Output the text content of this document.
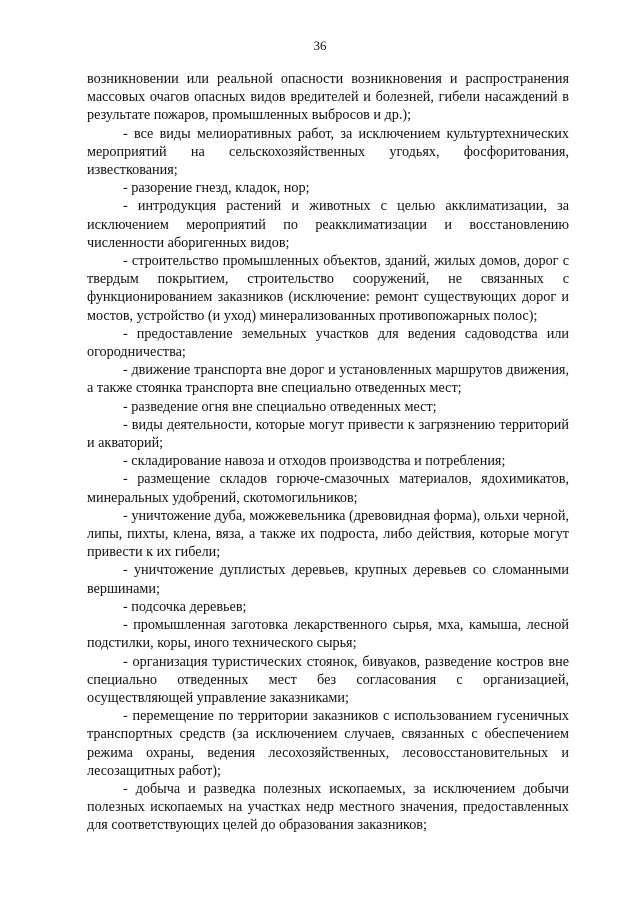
36

возникновении или реальной опасности возникновения и распространения массовых очагов опасных видов вредителей и болезней, гибели насаждений в результате пожаров, промышленных выбросов и др.);

- все виды мелиоративных работ, за исключением культуртехнических мероприятий на сельскохозяйственных угодьях, фосфоритования, известкования;

- разорение гнезд, кладок, нор;

- интродукция растений и животных с целью акклиматизации, за исключением мероприятий по реакклиматизации и восстановлению численности аборигенных видов;

- строительство промышленных объектов, зданий, жилых домов, дорог с твердым покрытием, строительство сооружений, не связанных с функционированием заказников (исключение: ремонт существующих дорог и мостов, устройство (и уход) минерализованных противопожарных полос);

- предоставление земельных участков для ведения садоводства или огородничества;

- движение транспорта вне дорог и установленных маршрутов движения, а также стоянка транспорта вне специально отведенных мест;

- разведение огня вне специально отведенных мест;

- виды деятельности, которые могут привести к загрязнению территорий и акваторий;

- складирование навоза и отходов производства и потребления;

- размещение складов горюче-смазочных материалов, ядохимикатов, минеральных удобрений, скотомогильников;

- уничтожение дуба, можжевельника (древовидная форма), ольхи черной, липы, пихты, клена, вяза, а также их подроста, либо действия, которые могут привести к их гибели;

- уничтожение дуплистых деревьев, крупных деревьев со сломанными вершинами;

- подсочка деревьев;

- промышленная заготовка лекарственного сырья, мха, камыша, лесной подстилки, коры, иного технического сырья;

- организация туристических стоянок, бивуаков, разведение костров вне специально отведенных мест без согласования с организацией, осуществляющей управление заказниками;

- перемещение по территории заказников с использованием гусеничных транспортных средств (за исключением случаев, связанных с обеспечением режима охраны, ведения лесохозяйственных, лесовосстановительных и лесозащитных работ);

- добыча и разведка полезных ископаемых, за исключением добычи полезных ископаемых на участках недр местного значения, предоставленных для соответствующих целей до образования заказников;
